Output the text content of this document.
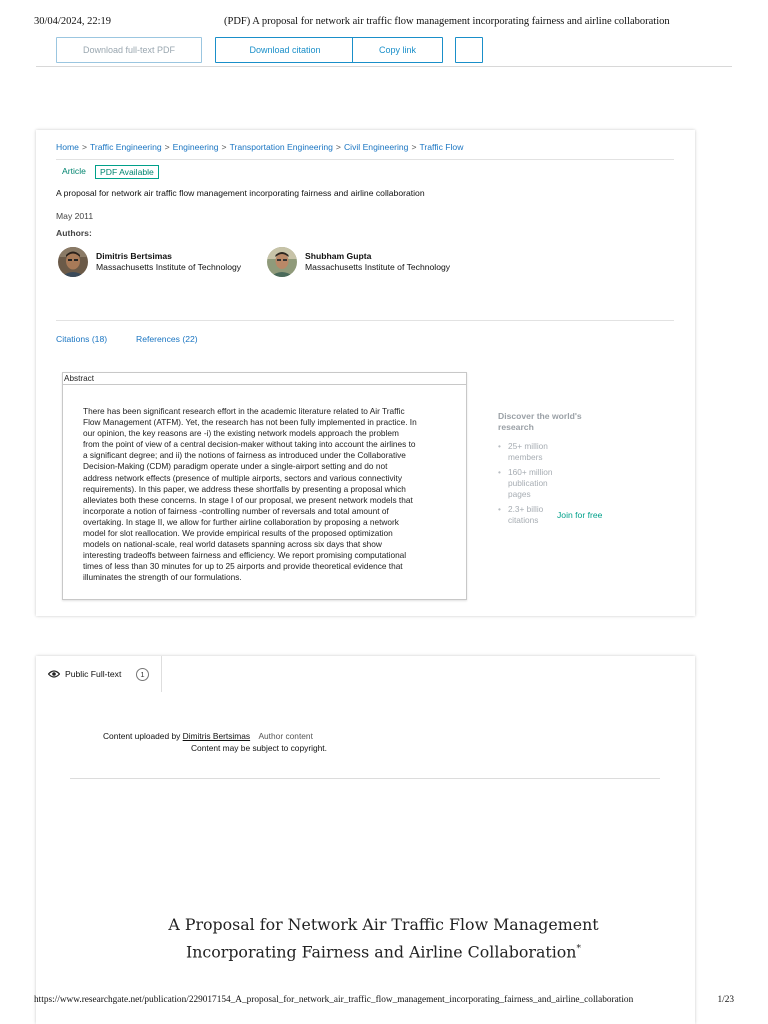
30/04/2024, 22:19	(PDF) A proposal for network air traffic flow management incorporating fairness and airline collaboration
Download full-text PDF	Download citation	Copy link
Home > Traffic Engineering > Engineering > Transportation Engineering > Civil Engineering > Traffic Flow
Article	PDF Available
A proposal for network air traffic flow management incorporating fairness and airline collaboration
May 2011
Authors:
Dimitris Bertsimas
Massachusetts Institute of Technology
Shubham Gupta
Massachusetts Institute of Technology
Citations (18)	References (22)
Abstract
There has been significant research effort in the academic literature related to Air Traffic
Flow Management (ATFM). Yet, the research has not been fully implemented in practice. In
our opinion, the key reasons are -i) the existing network models approach the problem
from the point of view of a central decision-maker without taking into account the airlines to
a significant degree; and ii) the notions of fairness as introduced under the Collaborative
Decision-Making (CDM) paradigm operate under a single-airport setting and do not
address network effects (presence of multiple airports, sectors and various connectivity
requirements). In this paper, we address these shortfalls by presenting a proposal which
alleviates both these concerns. In stage I of our proposal, we present network models that
incorporate a notion of fairness -controlling number of reversals and total amount of
overtaking. In stage II, we allow for further airline collaboration by proposing a network
model for slot reallocation. We provide empirical results of the proposed optimization
models on national-scale, real world datasets spanning across six days that show
interesting tradeoffs between fairness and efficiency. We report promising computational
times of less than 30 minutes for up to 25 airports and provide theoretical evidence that
illuminates the strength of our formulations.
Discover the world's research
• 25+ million
members
• 160+ million
publication
pages
• 2.3+ billio
citations	Join for free
Public Full-text	1
Content uploaded by Dimitris Bertsimas Author content
Content may be subject to copyright.
A Proposal for Network Air Traffic Flow Management
Incorporating Fairness and Airline Collaboration*
https://www.researchgate.net/publication/229017154_A_proposal_for_network_air_traffic_flow_management_incorporating_fairness_and_airline_collaboration	1/23
